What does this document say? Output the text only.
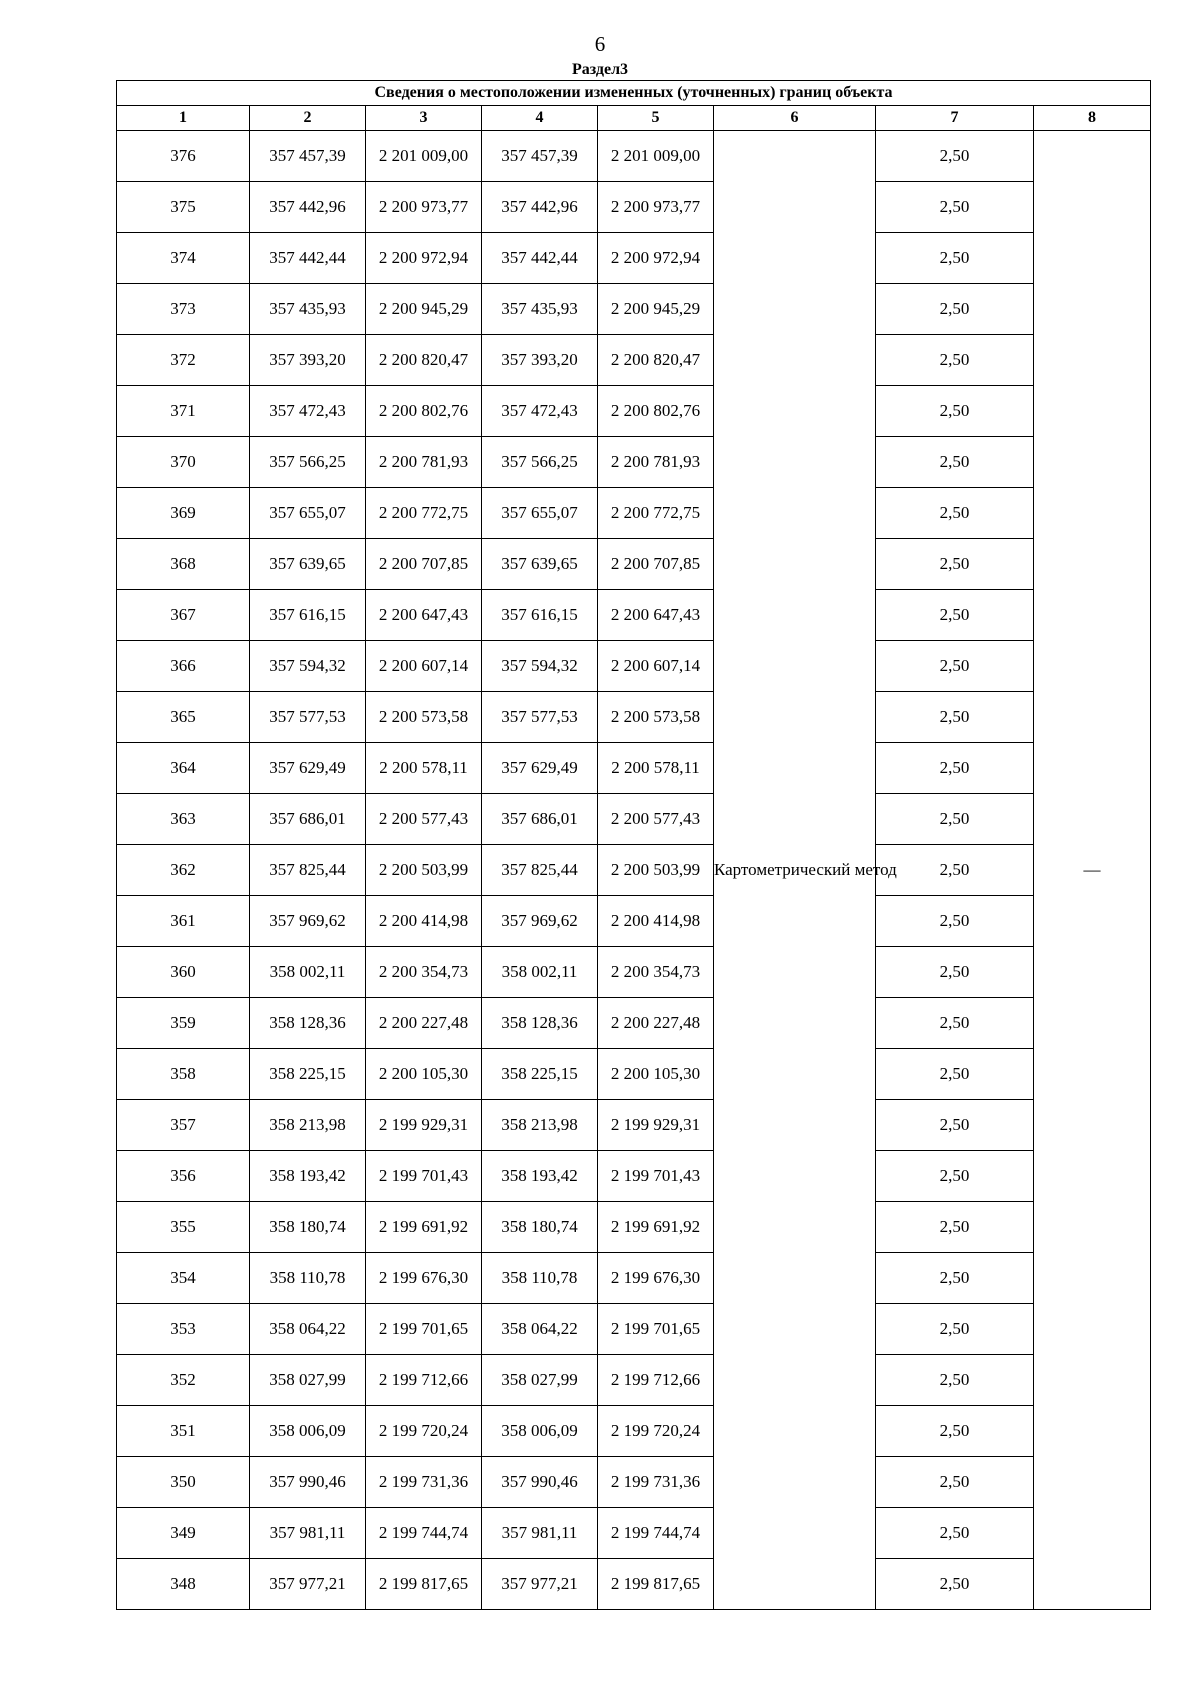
6
Раздел3
Сведения о местоположении измененных (уточненных) границ объекта							
1	2	3	4	5	6	7	8
376	357 457,39	2 201 009,00	357 457,39	2 201 009,00	Картометрический метод	2,50	—
375	357 442,96	2 200 973,77	357 442,96	2 200 973,77		2,50	
374	357 442,44	2 200 972,94	357 442,44	2 200 972,94		2,50	
373	357 435,93	2 200 945,29	357 435,93	2 200 945,29		2,50	
372	357 393,20	2 200 820,47	357 393,20	2 200 820,47		2,50	
371	357 472,43	2 200 802,76	357 472,43	2 200 802,76		2,50	
370	357 566,25	2 200 781,93	357 566,25	2 200 781,93		2,50	
369	357 655,07	2 200 772,75	357 655,07	2 200 772,75		2,50	
368	357 639,65	2 200 707,85	357 639,65	2 200 707,85		2,50	
367	357 616,15	2 200 647,43	357 616,15	2 200 647,43		2,50	
366	357 594,32	2 200 607,14	357 594,32	2 200 607,14		2,50	
365	357 577,53	2 200 573,58	357 577,53	2 200 573,58		2,50	
364	357 629,49	2 200 578,11	357 629,49	2 200 578,11		2,50	
363	357 686,01	2 200 577,43	357 686,01	2 200 577,43		2,50	
362	357 825,44	2 200 503,99	357 825,44	2 200 503,99		2,50	
361	357 969,62	2 200 414,98	357 969,62	2 200 414,98		2,50	
360	358 002,11	2 200 354,73	358 002,11	2 200 354,73		2,50	
359	358 128,36	2 200 227,48	358 128,36	2 200 227,48		2,50	
358	358 225,15	2 200 105,30	358 225,15	2 200 105,30		2,50	
357	358 213,98	2 199 929,31	358 213,98	2 199 929,31		2,50	
356	358 193,42	2 199 701,43	358 193,42	2 199 701,43		2,50	
355	358 180,74	2 199 691,92	358 180,74	2 199 691,92		2,50	
354	358 110,78	2 199 676,30	358 110,78	2 199 676,30		2,50	
353	358 064,22	2 199 701,65	358 064,22	2 199 701,65		2,50	
352	358 027,99	2 199 712,66	358 027,99	2 199 712,66		2,50	
351	358 006,09	2 199 720,24	358 006,09	2 199 720,24		2,50	
350	357 990,46	2 199 731,36	357 990,46	2 199 731,36		2,50	
349	357 981,11	2 199 744,74	357 981,11	2 199 744,74		2,50	
348	357 977,21	2 199 817,65	357 977,21	2 199 817,65		2,50	
